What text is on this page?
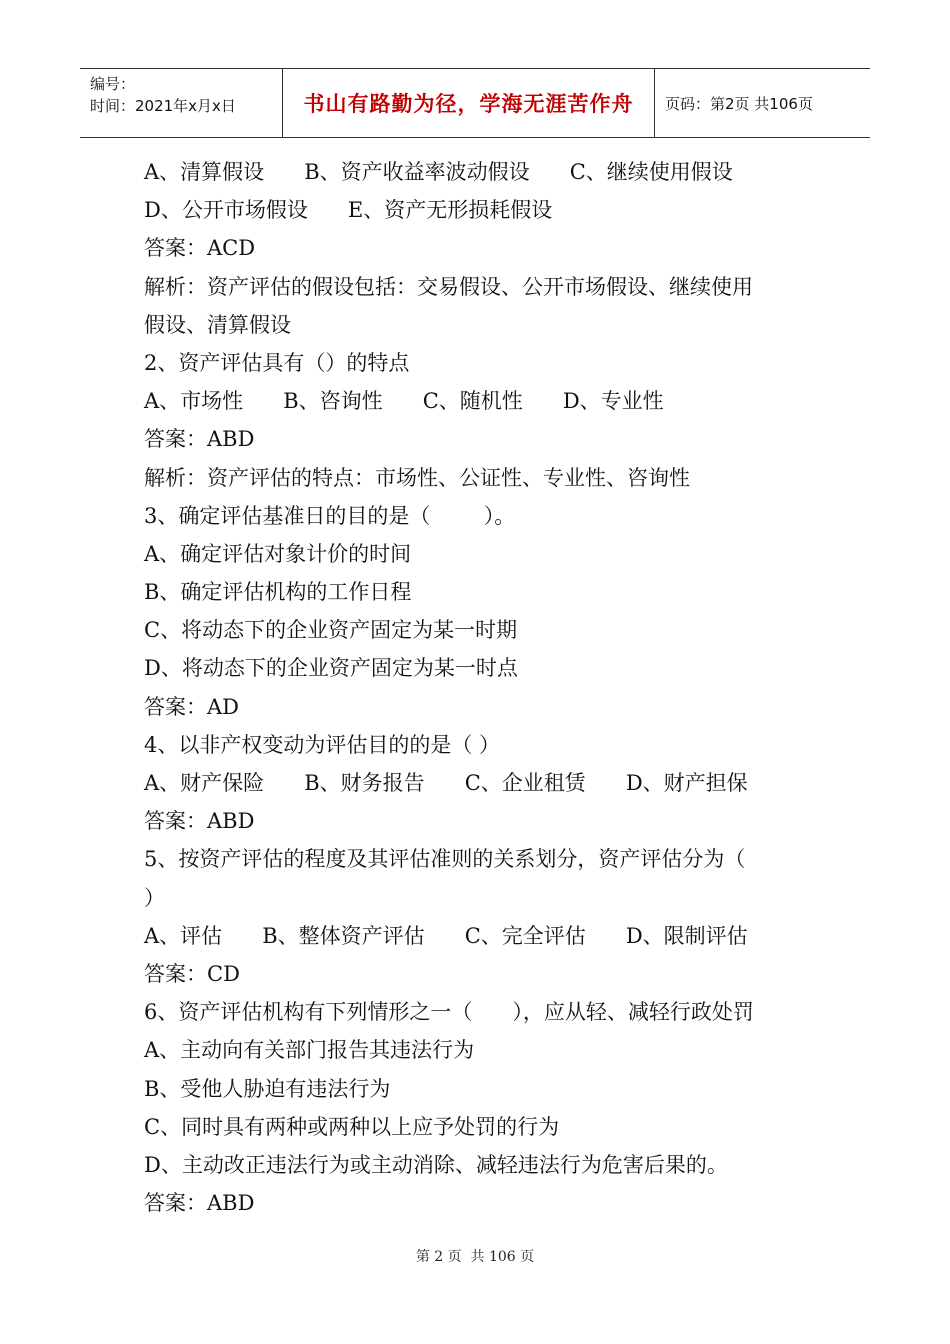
编号：
时间：2021年x月x日	书山有路勤为径，学海无涯苦作舟	页码：第2页 共106页
A、清算假设      B、资产收益率波动假设      C、继续使用假设
D、公开市场假设      E、资产无形损耗假设
答案：ACD
解析：资产评估的假设包括：交易假设、公开市场假设、继续使用
假设、清算假设
2、资产评估具有（）的特点
A、市场性      B、咨询性      C、随机性      D、专业性
答案：ABD
解析：资产评估的特点：市场性、公证性、专业性、咨询性
3、确定评估基准日的目的是（        ）。
A、确定评估对象计价的时间
B、确定评估机构的工作日程
C、将动态下的企业资产固定为某一时期
D、将动态下的企业资产固定为某一时点
答案：AD
4、以非产权变动为评估目的的是（ ）
A、财产保险      B、财务报告      C、企业租赁      D、财产担保
答案：ABD
5、按资产评估的程度及其评估准则的关系划分，资产评估分为（
）
A、评估      B、整体资产评估      C、完全评估      D、限制评估
答案：CD
6、资产评估机构有下列情形之一（      ），应从轻、减轻行政处罚
A、主动向有关部门报告其违法行为
B、受他人胁迫有违法行为
C、同时具有两种或两种以上应予处罚的行为
D、主动改正违法行为或主动消除、减轻违法行为危害后果的。
答案：ABD
第 2 页  共 106 页
